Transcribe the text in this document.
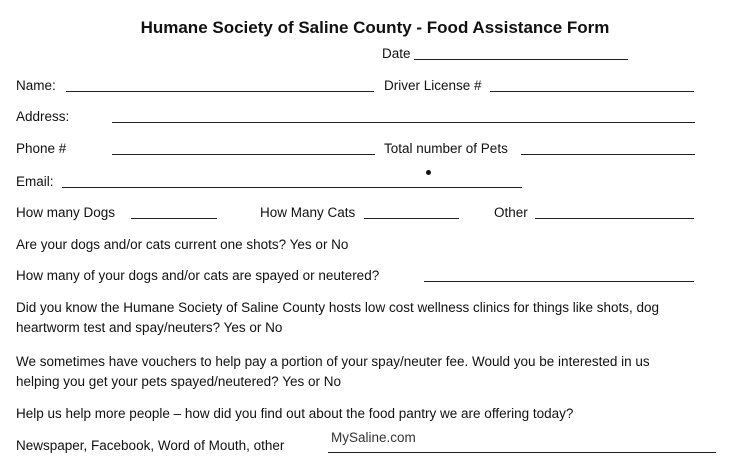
Humane Society of Saline County - Food Assistance Form
Date
Name:	Driver License #
Address:
Phone #	Total number of Pets
Email:
How many Dogs	How Many Cats	Other
Are your dogs and/or cats current one shots? Yes or No
How many of your dogs and/or cats are spayed or neutered?
Did you know the Humane Society of Saline County hosts low cost wellness clinics for things like shots, dog
heartworm test and spay/neuters? Yes or No
We sometimes have vouchers to help pay a portion of your spay/neuter fee. Would you be interested in us
helping you get your pets spayed/neutered? Yes or No
Help us help more people – how did you find out about the food pantry we are offering today?
Newspaper, Facebook, Word of Mouth, other
MySaline.com
